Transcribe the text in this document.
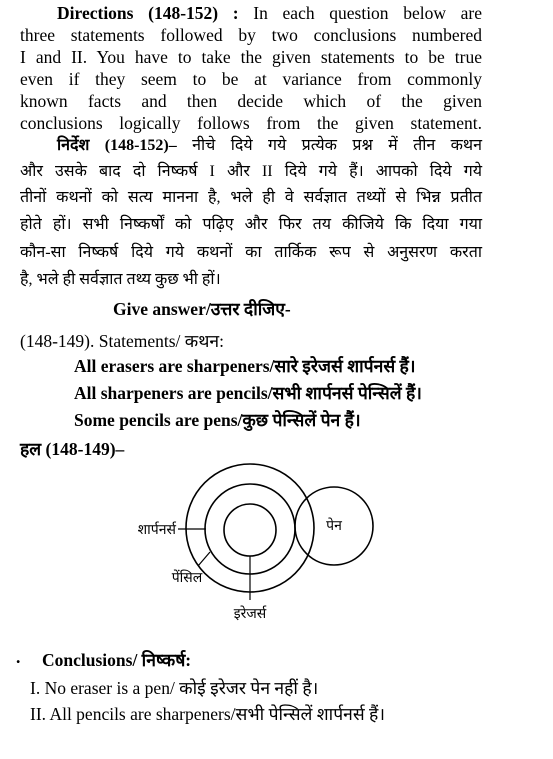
Directions (148-152) : In each question below are
three statements followed by two conclusions numbered
I and II. You have to take the given statements to be true
even if they seem to be at variance from commonly
known facts and then decide which of the given
conclusions logically follows from the given statement.
निर्देश (148-152)– नीचे दिये गये प्रत्येक प्रश्न में तीन कथन
और उसके बाद दो निष्कर्ष I और II दिये गये हैं। आपको दिये गये
तीनों कथनों को सत्य मानना है, भले ही वे सर्वज्ञात तथ्यों से भिन्न प्रतीत
होते हों। सभी निष्कर्षों को पढ़िए और फिर तय कीजिये कि दिया गया
कौन-सा निष्कर्ष दिये गये कथनों का तार्किक रूप से अनुसरण करता
है, भले ही सर्वज्ञात तथ्य कुछ भी हों।
Give answer/उत्तर दीजिए-
(148-149). Statements/ कथन:
All erasers are sharpeners/सारे इरेजर्स शार्पनर्स हैं।
All sharpeners are pencils/सभी शार्पनर्स पेन्सिलें हैं।
Some pencils are pens/कुछ पेन्सिलें पेन हैं।
हल (148-149)–
शार्पनर्स	पेन
पेंसिल
इरेजर्स
. Conclusions/ निष्कर्ष:
I. No eraser is a pen/ कोई इरेजर पेन नहीं है।
II. All pencils are sharpeners/सभी पेन्सिलें शार्पनर्स हैं।
